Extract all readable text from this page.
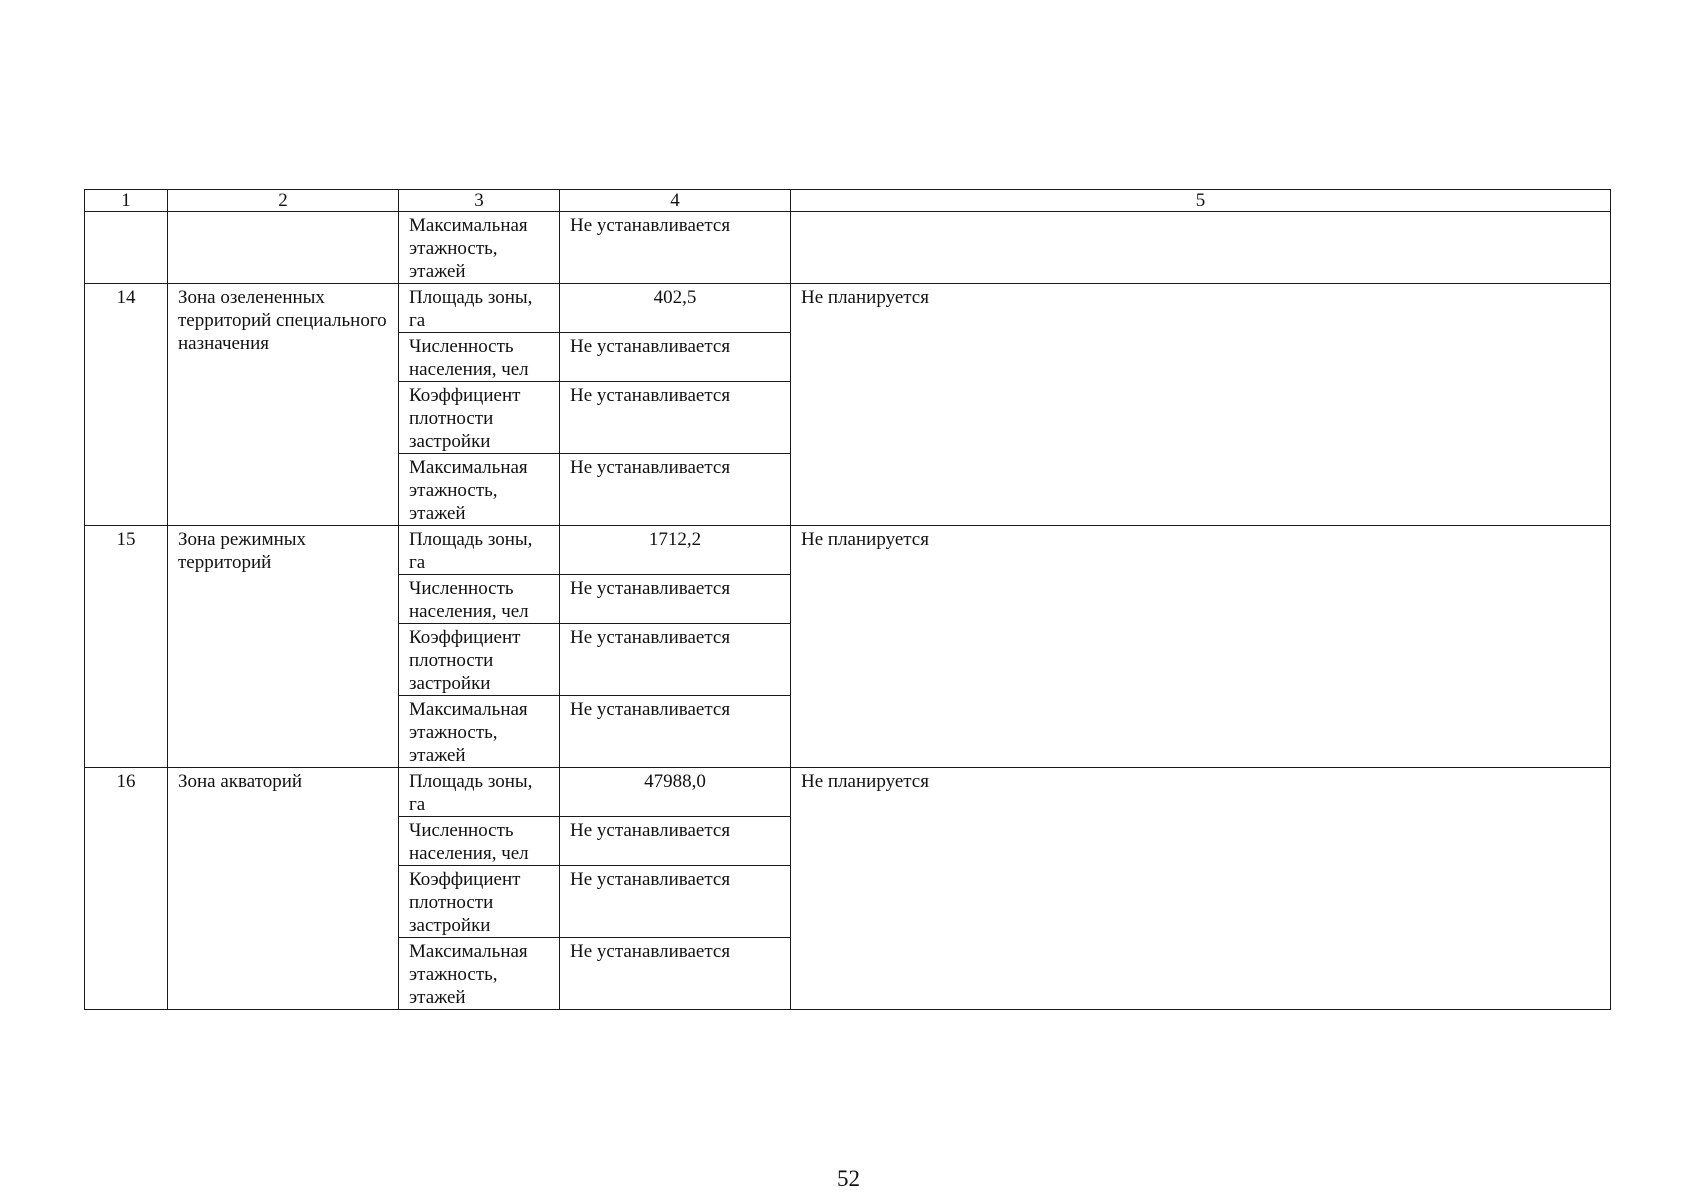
1	2	3	4	5
		Максимальная этажность, этажей	Не устанавливается	
14	Зона озелененных территорий специального назначения	Площадь зоны, га	402,5	Не планируется
		Численность населения, чел	Не устанавливается	
		Коэффициент плотности застройки	Не устанавливается	
		Максимальная этажность, этажей	Не устанавливается	
15	Зона режимных территорий	Площадь зоны, га	1712,2	Не планируется
		Численность населения, чел	Не устанавливается	
		Коэффициент плотности застройки	Не устанавливается	
		Максимальная этажность, этажей	Не устанавливается	
16	Зона акваторий	Площадь зоны, га	47988,0	Не планируется
		Численность населения, чел	Не устанавливается	
		Коэффициент плотности застройки	Не устанавливается	
		Максимальная этажность, этажей	Не устанавливается	
52
